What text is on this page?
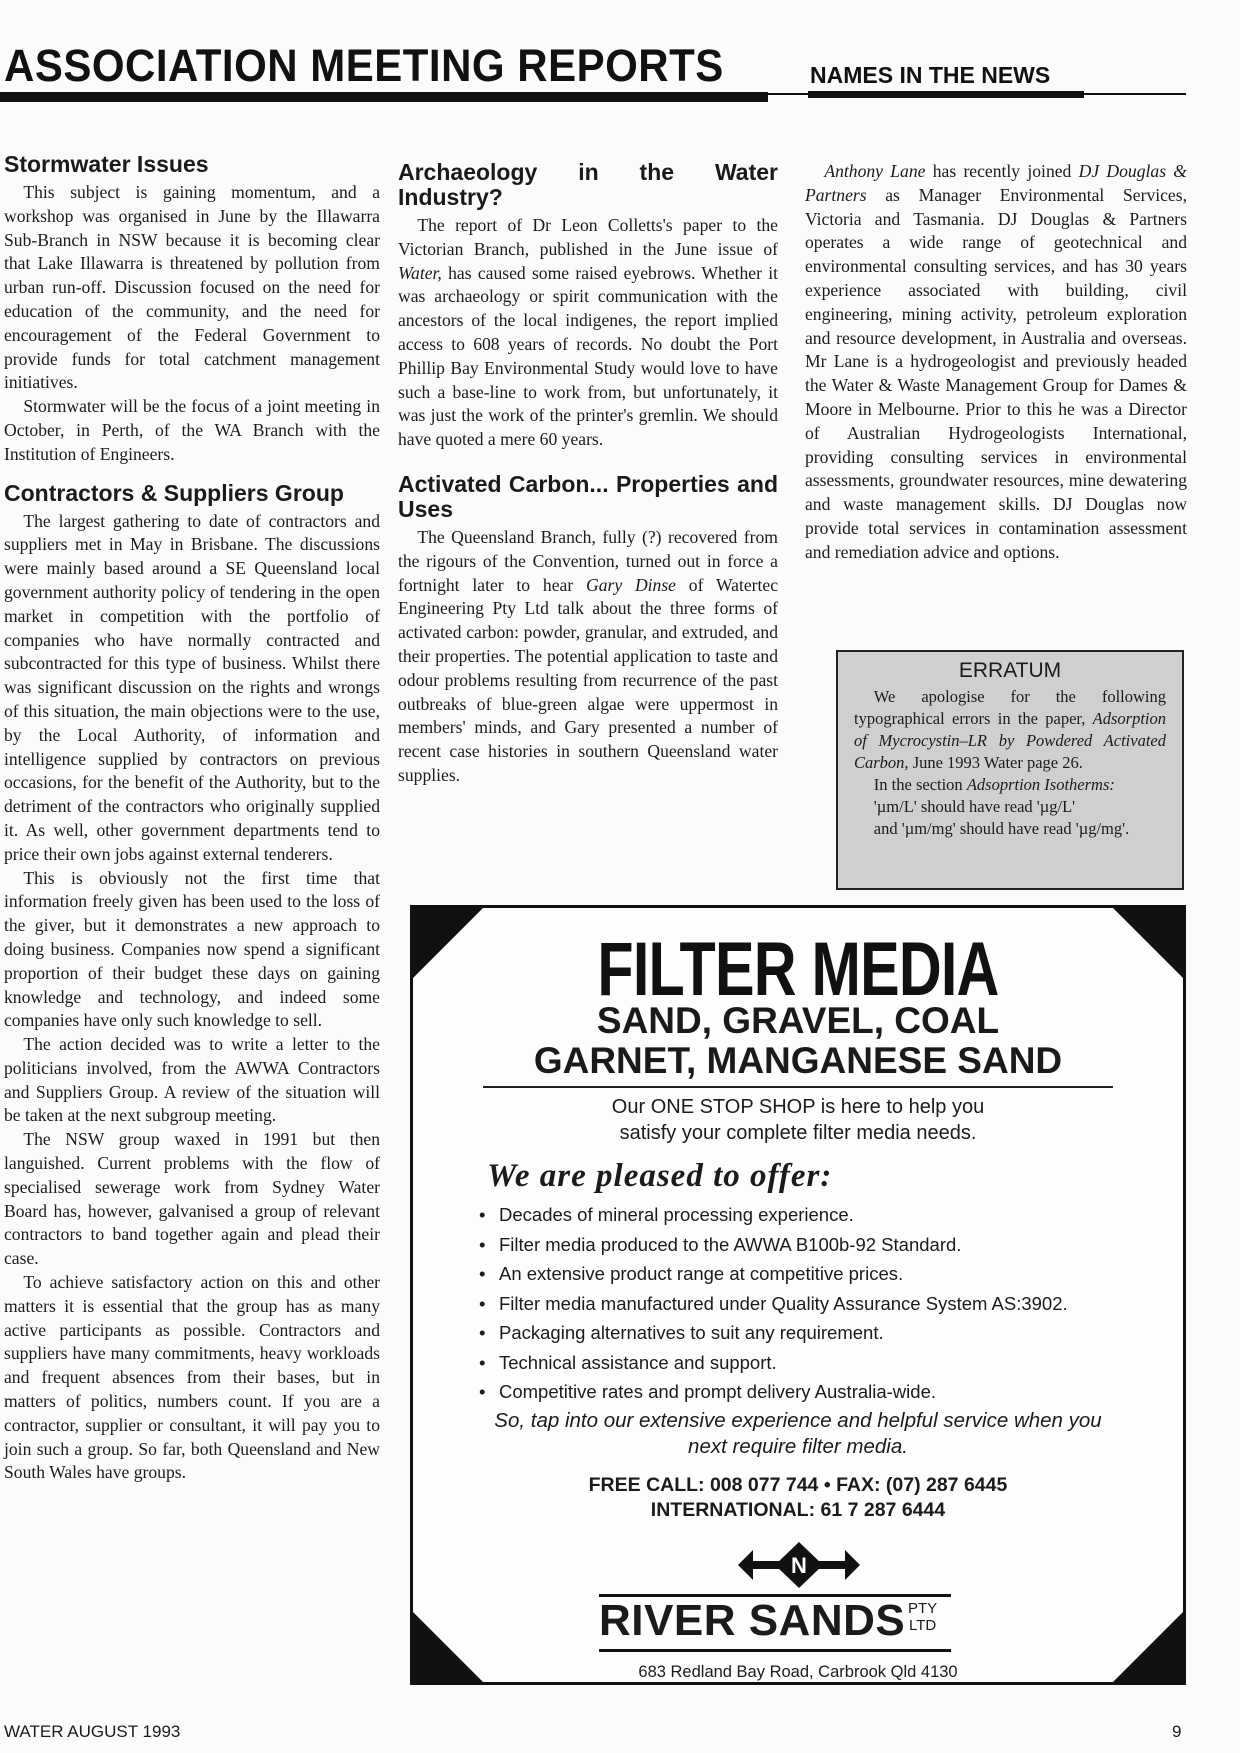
ASSOCIATION MEETING REPORTS	NAMES IN THE NEWS
Stormwater Issues

This subject is gaining momentum, and a workshop was organised in June by the Illawarra Sub-Branch in NSW because it is becoming clear that Lake Illawarra is threatened by pollution from urban run-off. Discussion focused on the need for education of the community, and the need for encouragement of the Federal Government to provide funds for total catchment management initiatives.

Stormwater will be the focus of a joint meeting in October, in Perth, of the WA Branch with the Institution of Engineers.

Contractors & Suppliers Group

The largest gathering to date of contractors and suppliers met in May in Brisbane. The discussions were mainly based around a SE Queensland local government authority policy of tendering in the open market in competition with the portfolio of companies who have normally contracted and subcontracted for this type of business. Whilst there was significant discussion on the rights and wrongs of this situation, the main objections were to the use, by the Local Authority, of information and intelligence supplied by contractors on previous occasions, for the benefit of the Authority, but to the detriment of the contractors who originally supplied it. As well, other government departments tend to price their own jobs against external tenderers.

This is obviously not the first time that information freely given has been used to the loss of the giver, but it demonstrates a new approach to doing business. Companies now spend a significant proportion of their budget these days on gaining knowledge and technology, and indeed some companies have only such knowledge to sell.

The action decided was to write a letter to the politicians involved, from the AWWA Contractors and Suppliers Group. A review of the situation will be taken at the next subgroup meeting.

The NSW group waxed in 1991 but then languished. Current problems with the flow of specialised sewerage work from Sydney Water Board has, however, galvanised a group of relevant contractors to band together again and plead their case.

To achieve satisfactory action on this and other matters it is essential that the group has as many active participants as possible. Contractors and suppliers have many commitments, heavy workloads and frequent absences from their bases, but in matters of politics, numbers count. If you are a contractor, supplier or consultant, it will pay you to join such a group. So far, both Queensland and New South Wales have groups.

Archaeology in the Water Industry?

The report of Dr Leon Colletts's paper to the Victorian Branch, published in the June issue of Water, has caused some raised eyebrows. Whether it was archaeology or spirit communication with the ancestors of the local indigenes, the report implied access to 608 years of records. No doubt the Port Phillip Bay Environmental Study would love to have such a base-line to work from, but unfortunately, it was just the work of the printer's gremlin. We should have quoted a mere 60 years.

Activated Carbon... Properties and Uses

The Queensland Branch, fully (?) recovered from the rigours of the Convention, turned out in force a fortnight later to hear Gary Dinse of Watertec Engineering Pty Ltd talk about the three forms of activated carbon: powder, granular, and extruded, and their properties. The potential application to taste and odour problems resulting from recurrence of the past outbreaks of blue-green algae were uppermost in members' minds, and Gary presented a number of recent case histories in southern Queensland water supplies.

Anthony Lane has recently joined DJ Douglas & Partners as Manager Environmental Services, Victoria and Tasmania. DJ Douglas & Partners operates a wide range of geotechnical and environmental consulting services, and has 30 years experience associated with building, civil engineering, mining activity, petroleum exploration and resource development, in Australia and overseas. Mr Lane is a hydrogeologist and previously headed the Water & Waste Management Group for Dames & Moore in Melbourne. Prior to this he was a Director of Australian Hydrogeologists International, providing consulting services in environmental assessments, groundwater resources, mine dewatering and waste management skills. DJ Douglas now provide total services in contamination assessment and remediation advice and options.

ERRATUM

We apologise for the following typographical errors in the paper, Adsorption of Mycrocystin–LR by Powdered Activated Carbon, June 1993 Water page 26.

In the section Adsoprtion Isotherms:

'µm/L' should have read 'µg/L'

and 'µm/mg' should have read 'µg/mg'.

FILTER MEDIA
SAND, GRAVEL, COAL
GARNET, MANGANESE SAND
Our ONE STOP SHOP is here to help you
satisfy your complete filter media needs.
We are pleased to offer:
• Decades of mineral processing experience.
• Filter media produced to the AWWA B100b-92 Standard.
• An extensive product range at competitive prices.
• Filter media manufactured under Quality Assurance System AS:3902.
• Packaging alternatives to suit any requirement.
• Technical assistance and support.
• Competitive rates and prompt delivery Australia-wide.
So, tap into our extensive experience and helpful service when you
next require filter media.
FREE CALL: 008 077 744 • FAX: (07) 287 6445
INTERNATIONAL: 61 7 287 6444
N
RIVER SANDS PTY
LTD
683 Redland Bay Road, Carbrook Qld 4130
WATER AUGUST 1993	9
